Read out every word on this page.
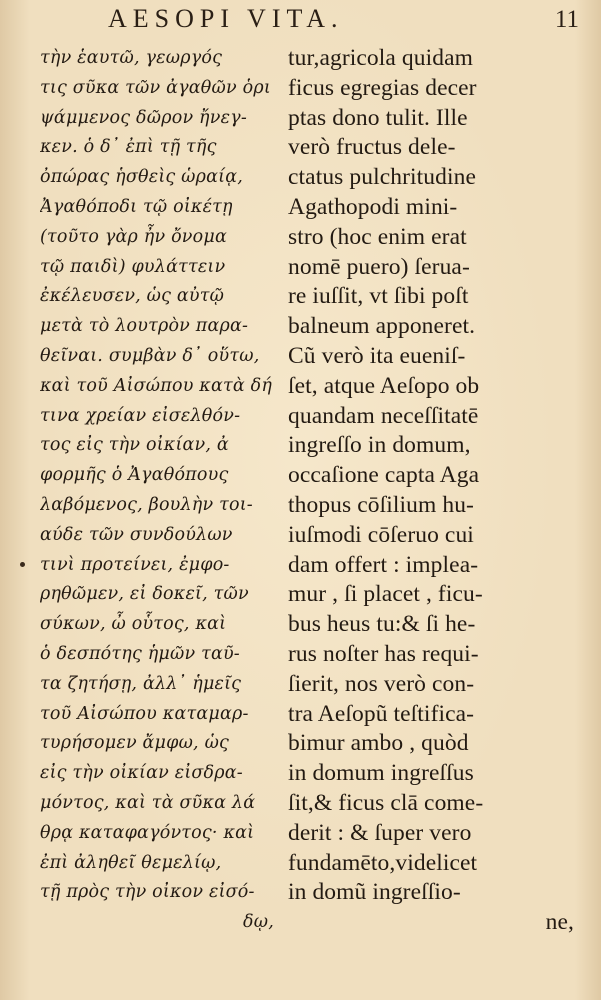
AESOPI VITA.	11
τὴν ἑαυτῶ, γεωργός
τις σῦκα τῶν ἀγαθῶν ὁρι
ψάμμενος δῶρον ἤνεγ-
κεν. ὁ δ᾿ ἐπὶ τῇ τῆς
ὀπώρας ἡσθεὶς ὡραίᾳ,
Ἀγαθόποδι τῷ οἰκέτῃ
(τοῦτο γὰρ ἦν ὄνομα
τῷ παιδὶ) φυλάττειν
ἐκέλευσεν, ὡς αὐτῷ
μετὰ τὸ λουτρὸν παρα-
θεῖναι. συμβὰν δ᾿ οὕτω,
καὶ τοῦ Αἰσώπου κατὰ δή
τινα χρείαν εἰσελθόν-
τος εἰς τὴν οἰκίαν, ἀ
φορμῆς ὁ Ἀγαθόπους
λαβόμενος, βουλὴν τοι-
αύδε τῶν συνδούλων
τινὶ προτείνει, ἐμφο-
ρηθῶμεν, εἰ δοκεῖ, τῶν
σύκων, ὦ οὗτος, καὶ
ὁ δεσπότης ἡμῶν ταῦ-
τα ζητήσῃ, ἀλλ᾿ ἡμεῖς
τοῦ Αἰσώπου καταμαρ-
τυρήσομεν ἄμφω, ὡς
εἰς τὴν οἰκίαν εἰσδρα-
μόντος, καὶ τὰ σῦκα λά
θρᾳ καταφαγόντος· καὶ
ἐπὶ ἀληθεῖ θεμελίῳ,
τῇ πρὸς τὴν οἰκον εἰσό-
δῳ,
tur,agricola quidam
ficus egregias decer
ptas dono tulit. Ille
verò fructus dele-
ctatus pulchritudine
Agathopodi mini-
stro (hoc enim erat
nomē puero) ſerua-
re iuſſit, vt ſibi poſt
balneum apponeret.
Cũ verò ita eueniſ-
ſet, atque Aeſopo ob
quandam neceſſitatē
ingreſſo in domum,
occaſione capta Aga
thopus cōſilium hu-
iuſmodi cōſeruo cui
dam offert : implea-
mur , ſi placet , ficu-
bus heus tu:& ſi he-
rus noſter has requi-
ſierit, nos verò con-
tra Aeſopũ teſtifica-
bimur ambo , quòd
in domum ingreſſus
ſit,& ficus clā come-
derit : & ſuper vero
fundamēto,videlicet
in domũ ingreſſio-
ne,
